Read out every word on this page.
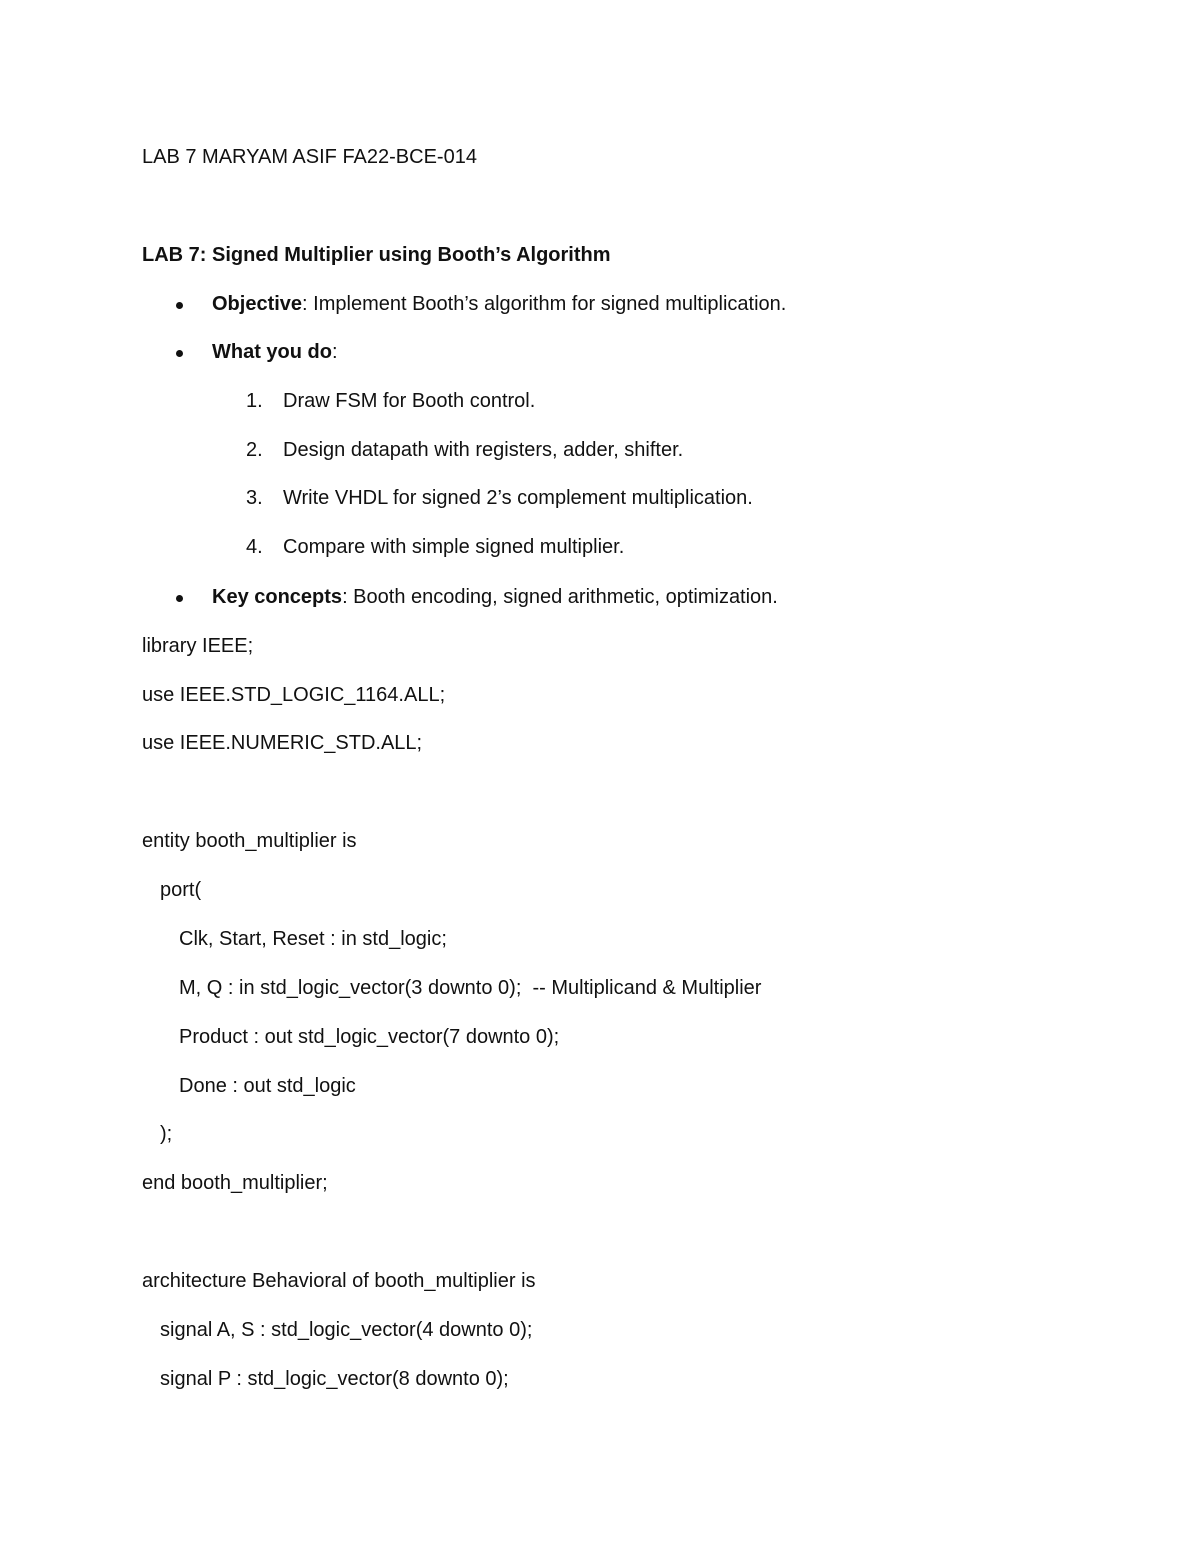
LAB 7 MARYAM ASIF FA22-BCE-014
LAB 7: Signed Multiplier using Booth’s Algorithm
Objective: Implement Booth’s algorithm for signed multiplication.
What you do:
1.	Draw FSM for Booth control.
2.	Design datapath with registers, adder, shifter.
3.	Write VHDL for signed 2’s complement multiplication.
4.	Compare with simple signed multiplier.
Key concepts: Booth encoding, signed arithmetic, optimization.
library IEEE;
use IEEE.STD_LOGIC_1164.ALL;
use IEEE.NUMERIC_STD.ALL;
entity booth_multiplier is
port(
Clk, Start, Reset : in std_logic;
M, Q : in std_logic_vector(3 downto 0);  -- Multiplicand & Multiplier
Product : out std_logic_vector(7 downto 0);
Done : out std_logic
);
end booth_multiplier;
architecture Behavioral of booth_multiplier is
signal A, S : std_logic_vector(4 downto 0);
signal P : std_logic_vector(8 downto 0);
